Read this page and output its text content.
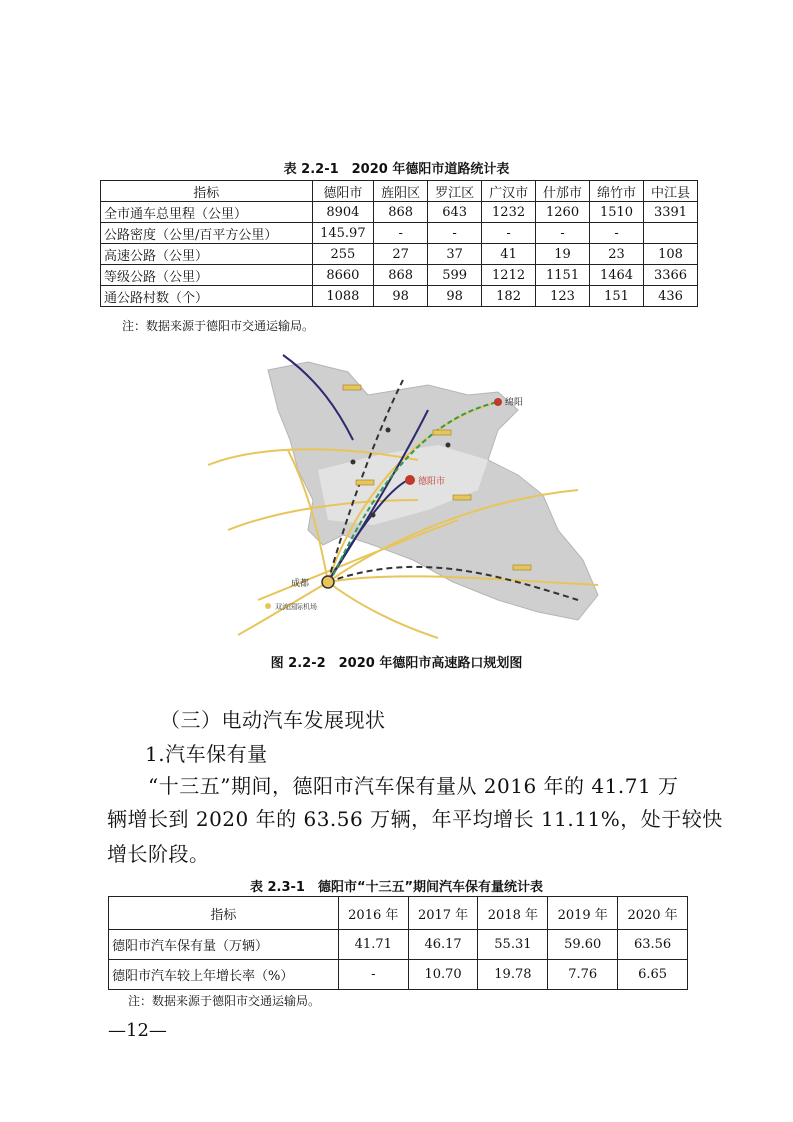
表 2.2-1　2020 年德阳市道路统计表
指标	德阳市	旌阳区	罗江区	广汉市	什邡市	绵竹市	中江县
全市通车总里程（公里）	8904	868	643	1232	1260	1510	3391
公路密度（公里/百平方公里）	145.97	-	-	-	-	-	
高速公路（公里）	255	27	37	41	19	23	108
等级公路（公里）	8660	868	599	1212	1151	1464	3366
通公路村数（个）	1088	98	98	182	123	151	436
注：数据来源于德阳市交通运输局。
绵阳
德阳市
成都
双流国际机场
图 2.2-2　2020 年德阳市高速路口规划图
（三）电动汽车发展现状
1.汽车保有量
“十三五”期间，德阳市汽车保有量从 2016 年的 41.71 万
辆增长到 2020 年的 63.56 万辆，年平均增长 11.11%，处于较快
增长阶段。
表 2.3-1　德阳市“十三五”期间汽车保有量统计表
指标	2016 年	2017 年	2018 年	2019 年	2020 年
德阳市汽车保有量（万辆）	41.71	46.17	55.31	59.60	63.56
德阳市汽车较上年增长率（%）	-	10.70	19.78	7.76	6.65
注：数据来源于德阳市交通运输局。
—12—
